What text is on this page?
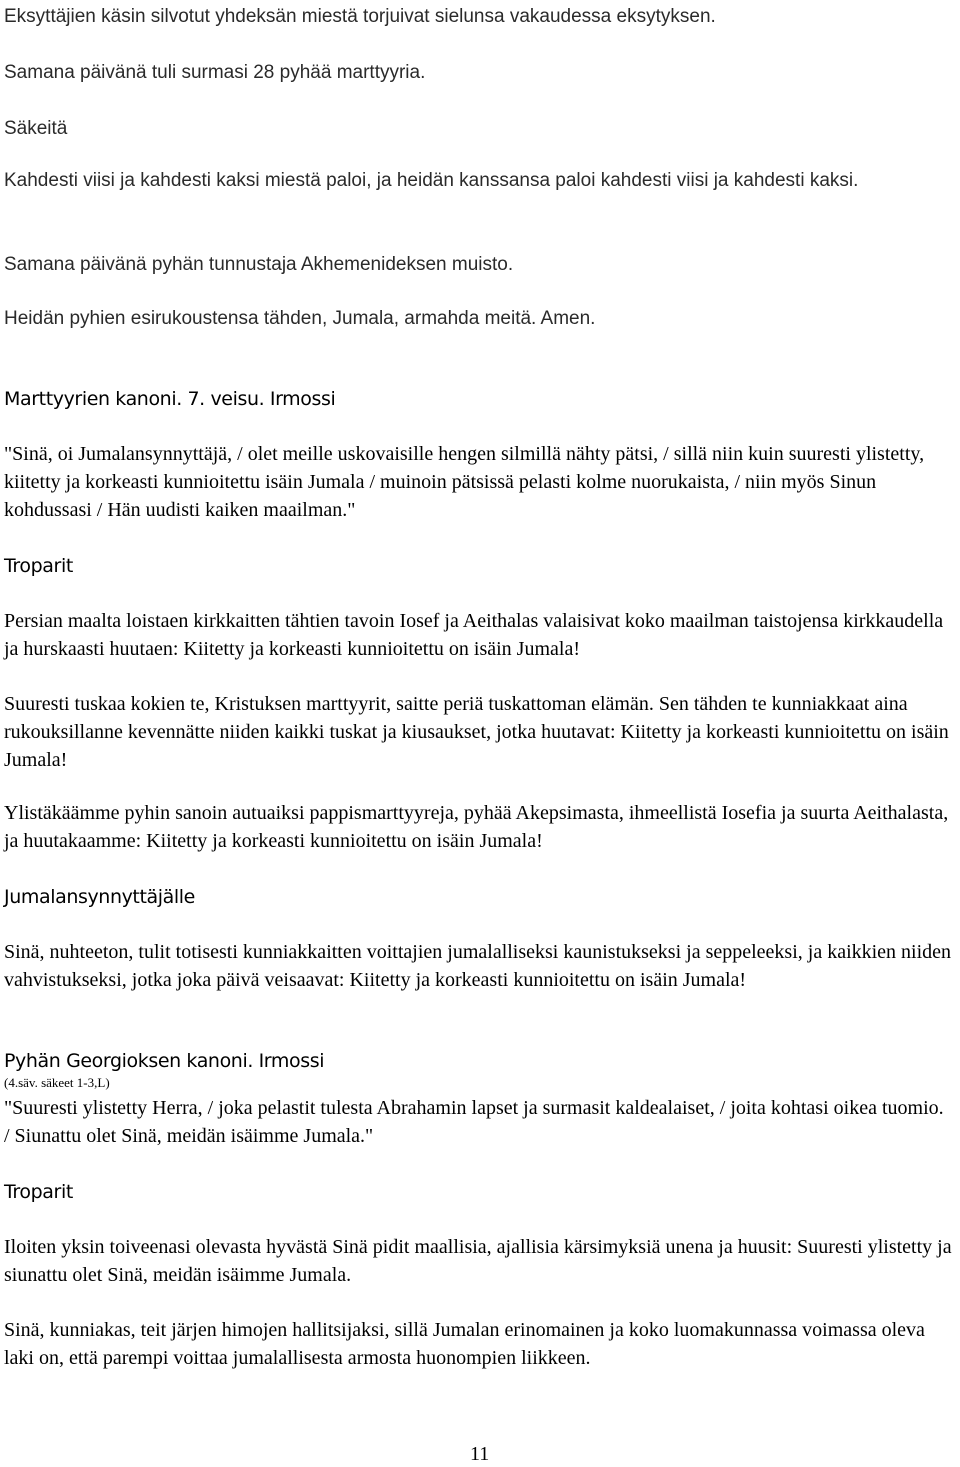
Eksyttäjien käsin silvotut yhdeksän miestä torjuivat sielunsa vakaudessa eksytyksen.

Samana päivänä tuli surmasi 28 pyhää marttyyria.

Säkeitä

Kahdesti viisi ja kahdesti kaksi miestä paloi, ja heidän kanssansa paloi kahdesti viisi ja kahdesti kaksi.

Samana päivänä pyhän tunnustaja Akhemenideksen muisto.

Heidän pyhien esirukoustensa tähden, Jumala, armahda meitä. Amen.

Marttyyrien kanoni. 7. veisu. Irmossi

"Sinä, oi Jumalansynnyttäjä, / olet meille uskovaisille hengen silmillä nähty pätsi, / sillä niin kuin suuresti ylistetty, kiitetty ja korkeasti kunnioitettu isäin Jumala / muinoin pätsissä pelasti kolme nuorukaista, / niin myös Sinun kohdussasi / Hän uudisti kaiken maailman."

Troparit

Persian maalta loistaen kirkkaitten tähtien tavoin Iosef ja Aeithalas valaisivat koko maailman taistojensa kirkkaudella ja hurskaasti huutaen: Kiitetty ja korkeasti kunnioitettu on isäin Jumala!

Suuresti tuskaa kokien te, Kristuksen marttyyrit, saitte periä tuskattoman elämän. Sen tähden te kunniakkaat aina rukouksillanne kevennätte niiden kaikki tuskat ja kiusaukset, jotka huutavat: Kiitetty ja korkeasti kunnioitettu on isäin Jumala!

Ylistäkäämme pyhin sanoin autuaiksi pappismarttyyreja, pyhää Akepsimasta, ihmeellistä Iosefia ja suurta Aeithalasta, ja huutakaamme: Kiitetty ja korkeasti kunnioitettu on isäin Jumala!

Jumalansynnyttäjälle

Sinä, nuhteeton, tulit totisesti kunniakkaitten voittajien jumalalliseksi kaunistukseksi ja seppeleeksi, ja kaikkien niiden vahvistukseksi, jotka joka päivä veisaavat: Kiitetty ja korkeasti kunnioitettu on isäin Jumala!

Pyhän Georgioksen kanoni. Irmossi

(4.säv. säkeet 1-3,L)

"Suuresti ylistetty Herra, / joka pelastit tulesta Abrahamin lapset ja surmasit kaldealaiset, / joita kohtasi oikea tuomio. / Siunattu olet Sinä, meidän isäimme Jumala."

Troparit

Iloiten yksin toiveenasi olevasta hyvästä Sinä pidit maallisia, ajallisia kärsimyksiä unena ja huusit: Suuresti ylistetty ja siunattu olet Sinä, meidän isäimme Jumala.

Sinä, kunniakas, teit järjen himojen hallitsijaksi, sillä Jumalan erinomainen ja koko luomakunnassa voimassa oleva laki on, että parempi voittaa jumalallisesta armosta huonompien liikkeen.

11
